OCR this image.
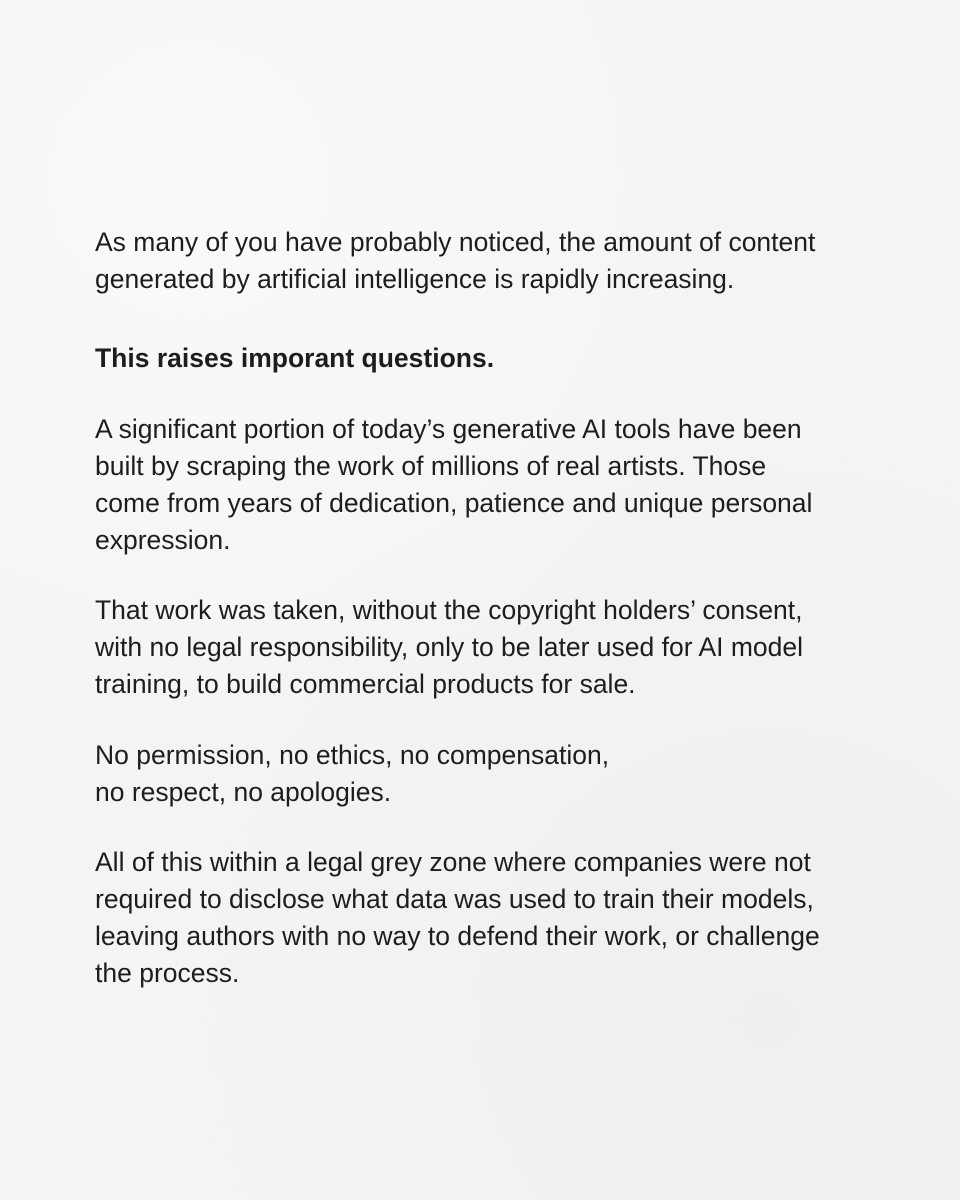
As many of you have probably noticed, the amount of content
generated by artificial intelligence is rapidly increasing.

This raises imporant questions.

A significant portion of today’s generative AI tools have been
built by scraping the work of millions of real artists. Those
come from years of dedication, patience and unique personal
expression.

That work was taken, without the copyright holders’ consent,
with no legal responsibility, only to be later used for AI model
training, to build commercial products for sale.

No permission, no ethics, no compensation,
no respect, no apologies.

All of this within a legal grey zone where companies were not
required to disclose what data was used to train their models,
leaving authors with no way to defend their work, or challenge
the process.
